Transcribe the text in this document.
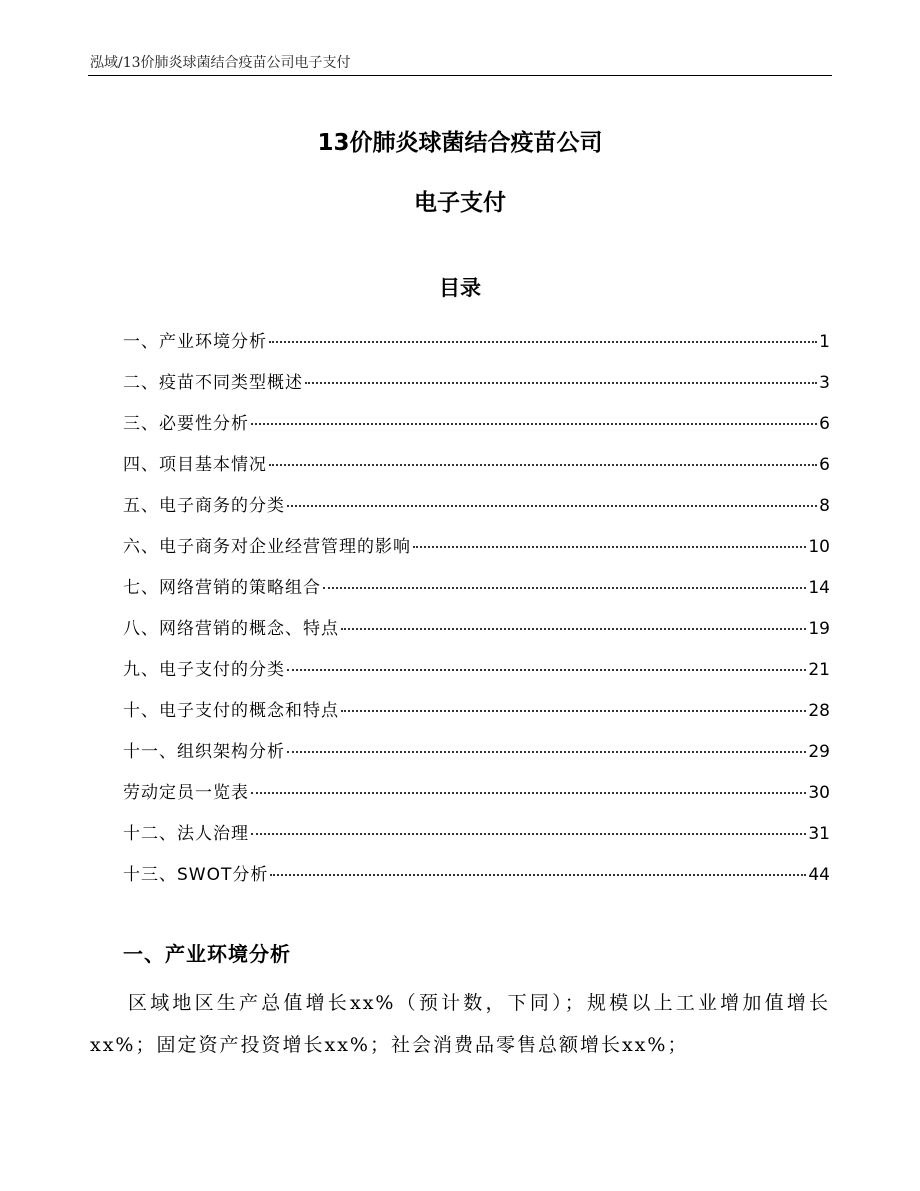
泓域/13价肺炎球菌结合疫苗公司电子支付
13价肺炎球菌结合疫苗公司
电子支付
目录
一、 产业环境分析	1
二、 疫苗不同类型概述	3
三、 必要性分析	6
四、 项目基本情况	6
五、 电子商务的分类	8
六、 电子商务对企业经营管理的影响	10
七、 网络营销的策略组合	14
八、 网络营销的概念、特点	19
九、 电子支付的分类	21
十、 电子支付的概念和特点	28
十一、 组织架构分析	29
劳动定员一览表	30
十二、 法人治理	31
十三、 SWOT分析	44
一、产业环境分析

区域地区生产总值增长xx%（预计数，下同）；规模以上工业增加值增长xx%；固定资产投资增长xx%；社会消费品零售总额增长xx%；
